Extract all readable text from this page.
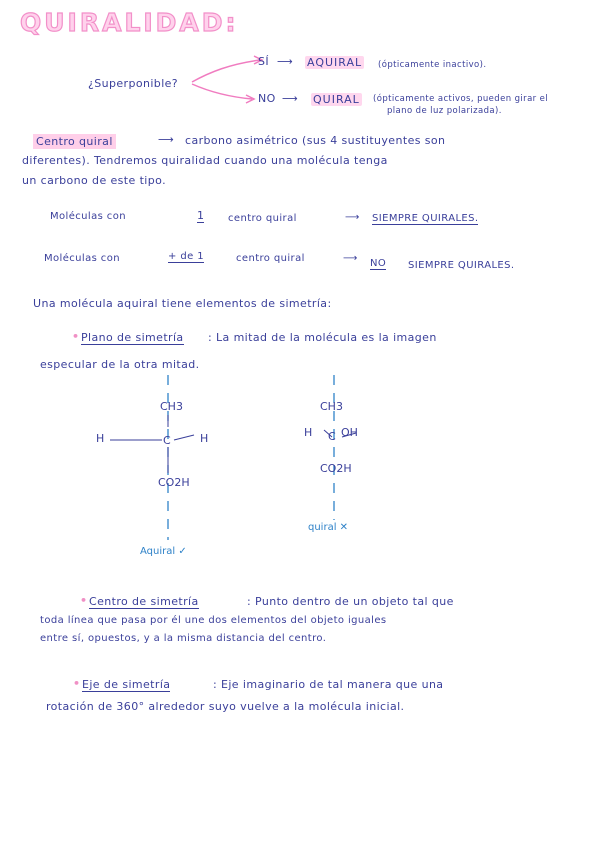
QUIRALIDAD:
¿Superponible?
SÍ ⟶ AQUIRAL (ópticamente inactivo).
NO ⟶ QUIRAL (ópticamente activos, pueden girar el
plano de luz polarizada).
Centro quiral	⟶ carbono asimétrico (sus 4 sustituyentes son
diferentes). Tendremos quiralidad cuando una molécula tenga
un carbono de este tipo.
Moléculas con	1 centro quiral	⟶ SIEMPRE QUIRALES.
Moléculas con	+ de 1	centro quiral	⟶ NO SIEMPRE QUIRALES.
Una molécula aquiral tiene elementos de simetría:
• Plano de simetría : La mitad de la molécula es la imagen
especular de la otra mitad.
CH3
H	C	H
CO2H
Aquiral ✓
CH3
H C OH
CO2H
quiral ✕
• Centro de simetría	: Punto dentro de un objeto tal que
toda línea que pasa por él une dos elementos del objeto iguales
entre sí, opuestos, y a la misma distancia del centro.
• Eje de simetría	: Eje imaginario de tal manera que una
rotación de 360° alrededor suyo vuelve a la molécula inicial.
